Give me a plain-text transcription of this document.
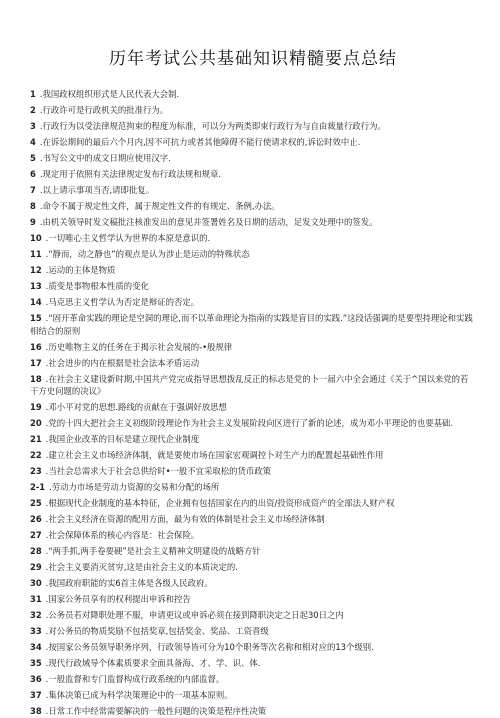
历年考试公共基础知识精髓要点总结
1 .我国政权组织形式是人民代表大会制.
2 .行政许可是行政机关的批准行为。
3 .行政行为以受法律规范拘束的程度为标准，可以分为两类即束行政行为与自由裁量行政行为。
4 .在诉讼期间的最后六个月内,因不可抗力或者其他障碍不能行使请求权的,诉讼时效中止.
5 .书写公文中的成文日期应使用汉字.
6 .现定用于依照有关法律规定发布行政法规和规章.
7 .以上请示事项当否,请即批复。
8 .命令不属于规定性文件，属于规定性文件的有规定、条例,办法。
9 .由机关领导时发文稿批注核准发出的意见并签署姓名及日期的活动，足发文处理中的签发。
10 .一切唯心主义哲学认为世界的本原是意识的.
11 .“静而，动之静也”的观点是认为涉止是运动的特殊状态
12 .运动的主体是物质
13 .质变是事物根本性质的变化
14 .马克思主义哲学认为否定是辩证的否定。
15 .“固开革命实践的理论是空洞的理论,而不以革命理论为指南的实践是盲目的实践.”这段话强调的是要型持理论和实践相结合的原则
16 .历史唯物主义的任务在于揭示社会发展的-•般规律
17 .社会进步的内在根据是社会法本矛盾运动
18 .在社会主义建设新时期,中国共产党完成指导思想拨乱反正的标志是党的卜一届六中全会通过《关于^国以来党的若干方史问题的决议》
19 .邓小平对党的思想.路线的贡献在于强调好放思想
20 .党的十四大把社会主义初级阶段理论作为社会主义发展阶段向区进行了新的论述，成为邓小平理论的也要基础.
21 .我国企业改革的目标是建立现代企业制度
22 .建立社会主义市场经济体制，就是要使市场在国家宏观调控卜对生产力的配置起基础性作用
23 .当社会总需求大于社会总供给时•一般不宜采取松的货币政策
2-1 .劳动力市场是劳动力资源的交易和分配的场所
25 .根据现代企业制度的基本特征，企业拥有包括国家在内的出资/投资形成资产的全部法人财产权
26 .社会主义经济在资源的配用方面，最为有效的体制是社会主义市场经济体制
27 .社会保障体系的核心内容是：社会保险。
28 .“两手抓,两手卷要硬”是社会主义精神文明建设的战略方针
29 .社会主义要消灭贫穷,这是由社会主义的本质决定的.
30 .我国政府职能的实6首主体是各级人民政府。
31 .国家公务员享有的权利提出申诉和控告
32 .公务员若对降职处理不服，申请更议或申诉必须在接到降职决定之日起30日之内
33 .对公务员的物质奖励不包括奖章,包括奖金、奖品、工资晋级
34 .按国家公务员领导职务序列，行政领导皆可分为10个职务等次名称和相对应的13个级别.
35 .现代行政域导个体素质要求全面具备海、才、学、识、体.
36 .一般监督和专门监督构成行政系统的内部监督。
37 .集体决策已成为科学决策理论中的一项基本原则。
38 .日常工作中经常需要解决的一般性问题的决策是程序性决策
